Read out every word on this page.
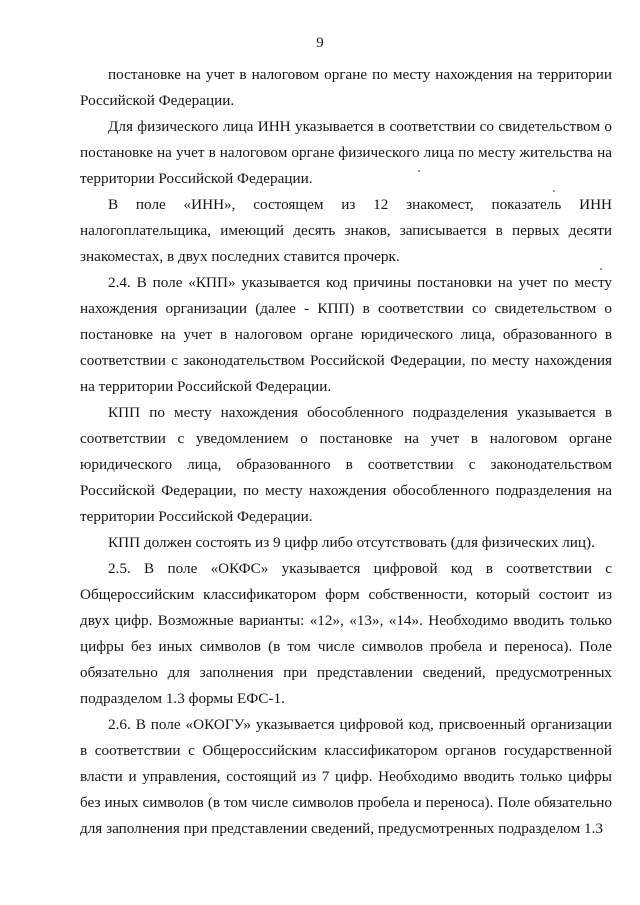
9

постановке на учет в налоговом органе по месту нахождения на территории Российской Федерации.

Для физического лица ИНН указывается в соответствии со свидетельством о постановке на учет в налоговом органе физического лица по месту жительства на территории Российской Федерации.

В поле «ИНН», состоящем из 12 знакомест, показатель ИНН налогоплательщика, имеющий десять знаков, записывается в первых десяти знакоместах, в двух последних ставится прочерк.

2.4. В поле «КПП» указывается код причины постановки на учет по месту нахождения организации (далее - КПП) в соответствии со свидетельством о постановке на учет в налоговом органе юридического лица, образованного в соответствии с законодательством Российской Федерации, по месту нахождения на территории Российской Федерации.

КПП по месту нахождения обособленного подразделения указывается в соответствии с уведомлением о постановке на учет в налоговом органе юридического лица, образованного в соответствии с законодательством Российской Федерации, по месту нахождения обособленного подразделения на территории Российской Федерации.

КПП должен состоять из 9 цифр либо отсутствовать (для физических лиц).

2.5. В поле «ОКФС» указывается цифровой код в соответствии с Общероссийским классификатором форм собственности, который состоит из двух цифр. Возможные варианты: «12», «13», «14». Необходимо вводить только цифры без иных символов (в том числе символов пробела и переноса). Поле обязательно для заполнения при представлении сведений, предусмотренных подразделом 1.3 формы ЕФС-1.

2.6. В поле «ОКОГУ» указывается цифровой код, присвоенный организации в соответствии с Общероссийским классификатором органов государственной власти и управления, состоящий из 7 цифр. Необходимо вводить только цифры без иных символов (в том числе символов пробела и переноса). Поле обязательно для заполнения при представлении сведений, предусмотренных подразделом 1.3
